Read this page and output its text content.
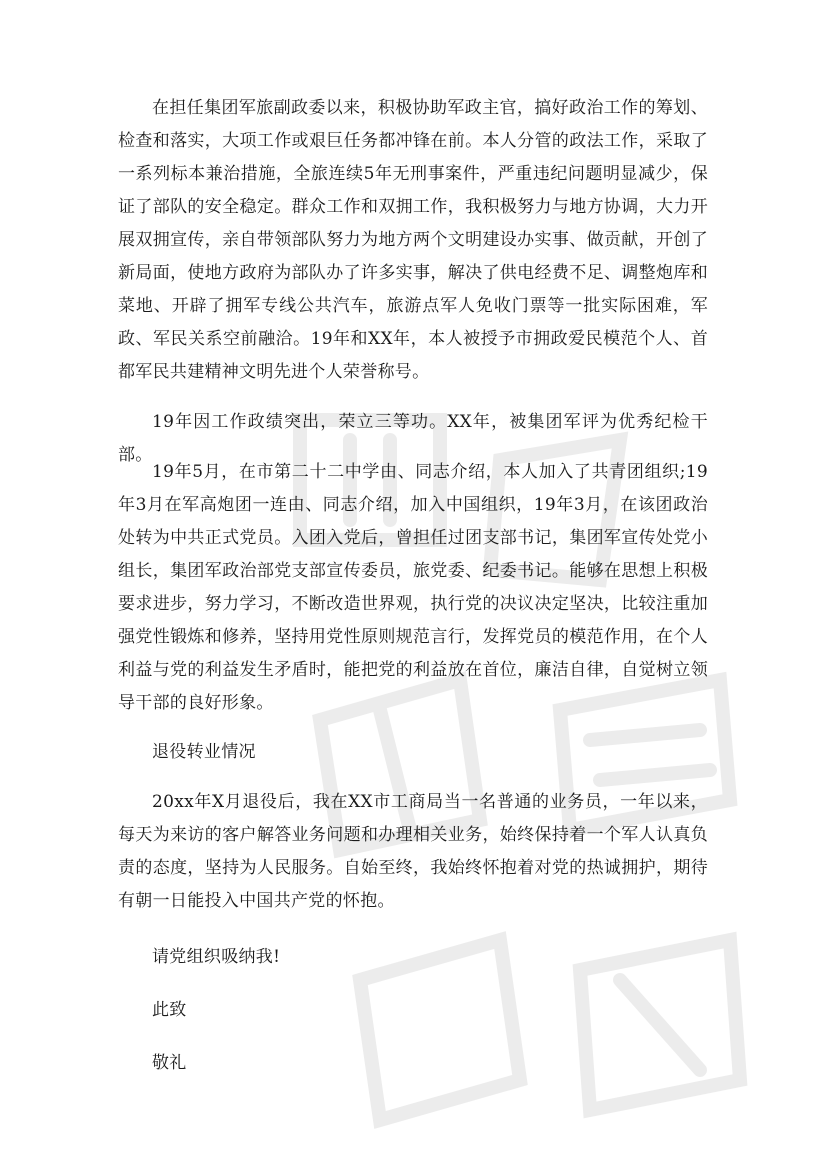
在担任集团军旅副政委以来，积极协助军政主官，搞好政治工作的筹划、检查和落实，大项工作或艰巨任务都冲锋在前。本人分管的政法工作，采取了一系列标本兼治措施，全旅连续5年无刑事案件，严重违纪问题明显减少，保证了部队的安全稳定。群众工作和双拥工作，我积极努力与地方协调，大力开展双拥宣传，亲自带领部队努力为地方两个文明建设办实事、做贡献，开创了新局面，使地方政府为部队办了许多实事，解决了供电经费不足、调整炮库和菜地、开辟了拥军专线公共汽车，旅游点军人免收门票等一批实际困难，军政、军民关系空前融洽。19年和XX年，本人被授予市拥政爱民模范个人、首都军民共建精神文明先进个人荣誉称号。

19年因工作政绩突出，荣立三等功。XX年，被集团军评为优秀纪检干部。

19年5月，在市第二十二中学由、同志介绍，本人加入了共青团组织;19年3月在军高炮团一连由、同志介绍，加入中国组织，19年3月，在该团政治处转为中共正式党员。入团入党后，曾担任过团支部书记，集团军宣传处党小组长，集团军政治部党支部宣传委员，旅党委、纪委书记。能够在思想上积极要求进步，努力学习，不断改造世界观，执行党的决议决定坚决，比较注重加强党性锻炼和修养，坚持用党性原则规范言行，发挥党员的模范作用，在个人利益与党的利益发生矛盾时，能把党的利益放在首位，廉洁自律，自觉树立领导干部的良好形象。

退役转业情况

20xx年X月退役后，我在XX市工商局当一名普通的业务员，一年以来，每天为来访的客户解答业务问题和办理相关业务，始终保持着一个军人认真负责的态度，坚持为人民服务。自始至终，我始终怀抱着对党的热诚拥护，期待有朝一日能投入中国共产党的怀抱。

请党组织吸纳我!

此致

敬礼
